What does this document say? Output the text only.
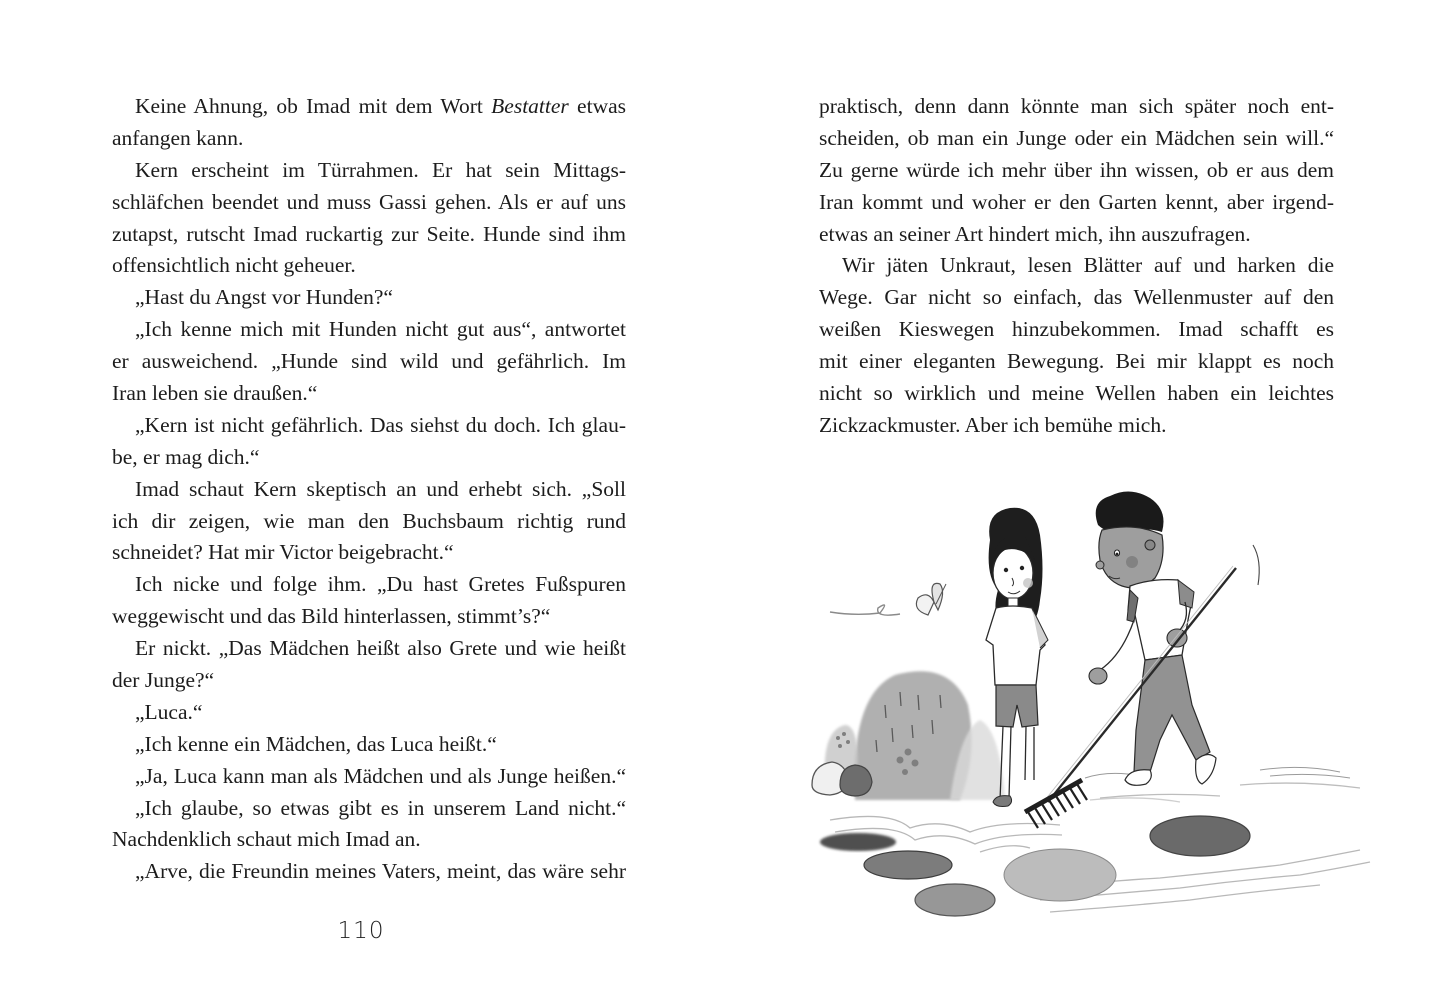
Keine Ahnung, ob Imad mit dem Wort Bestatter etwas
anfangen kann.
Kern erscheint im Türrahmen. Er hat sein Mittags-
schläfchen beendet und muss Gassi gehen. Als er auf uns
zutapst, rutscht Imad ruckartig zur Seite. Hunde sind ihm
offensichtlich nicht geheuer.
„Hast du Angst vor Hunden?“
„Ich kenne mich mit Hunden nicht gut aus“, antwortet
er ausweichend. „Hunde sind wild und gefährlich. Im
Iran leben sie draußen.“
„Kern ist nicht gefährlich. Das siehst du doch. Ich glau-
be, er mag dich.“
Imad schaut Kern skeptisch an und erhebt sich. „Soll
ich dir zeigen, wie man den Buchsbaum richtig rund
schneidet? Hat mir Victor beigebracht.“
Ich nicke und folge ihm. „Du hast Gretes Fußspuren
weggewischt und das Bild hinterlassen, stimmt’s?“
Er nickt. „Das Mädchen heißt also Grete und wie heißt
der Junge?“
„Luca.“
„Ich kenne ein Mädchen, das Luca heißt.“
„Ja, Luca kann man als Mädchen und als Junge heißen.“
„Ich glaube, so etwas gibt es in unserem Land nicht.“
Nachdenklich schaut mich Imad an.
„Arve, die Freundin meines Vaters, meint, das wäre sehr
110
praktisch, denn dann könnte man sich später noch ent-
scheiden, ob man ein Junge oder ein Mädchen sein will.“
Zu gerne würde ich mehr über ihn wissen, ob er aus dem
Iran kommt und woher er den Garten kennt, aber irgend-
etwas an seiner Art hindert mich, ihn auszufragen.
Wir jäten Unkraut, lesen Blätter auf und harken die
Wege. Gar nicht so einfach, das Wellenmuster auf den
weißen Kieswegen hinzubekommen. Imad schafft es
mit einer eleganten Bewegung. Bei mir klappt es noch
nicht so wirklich und meine Wellen haben ein leichtes
Zickzackmuster. Aber ich bemühe mich.
